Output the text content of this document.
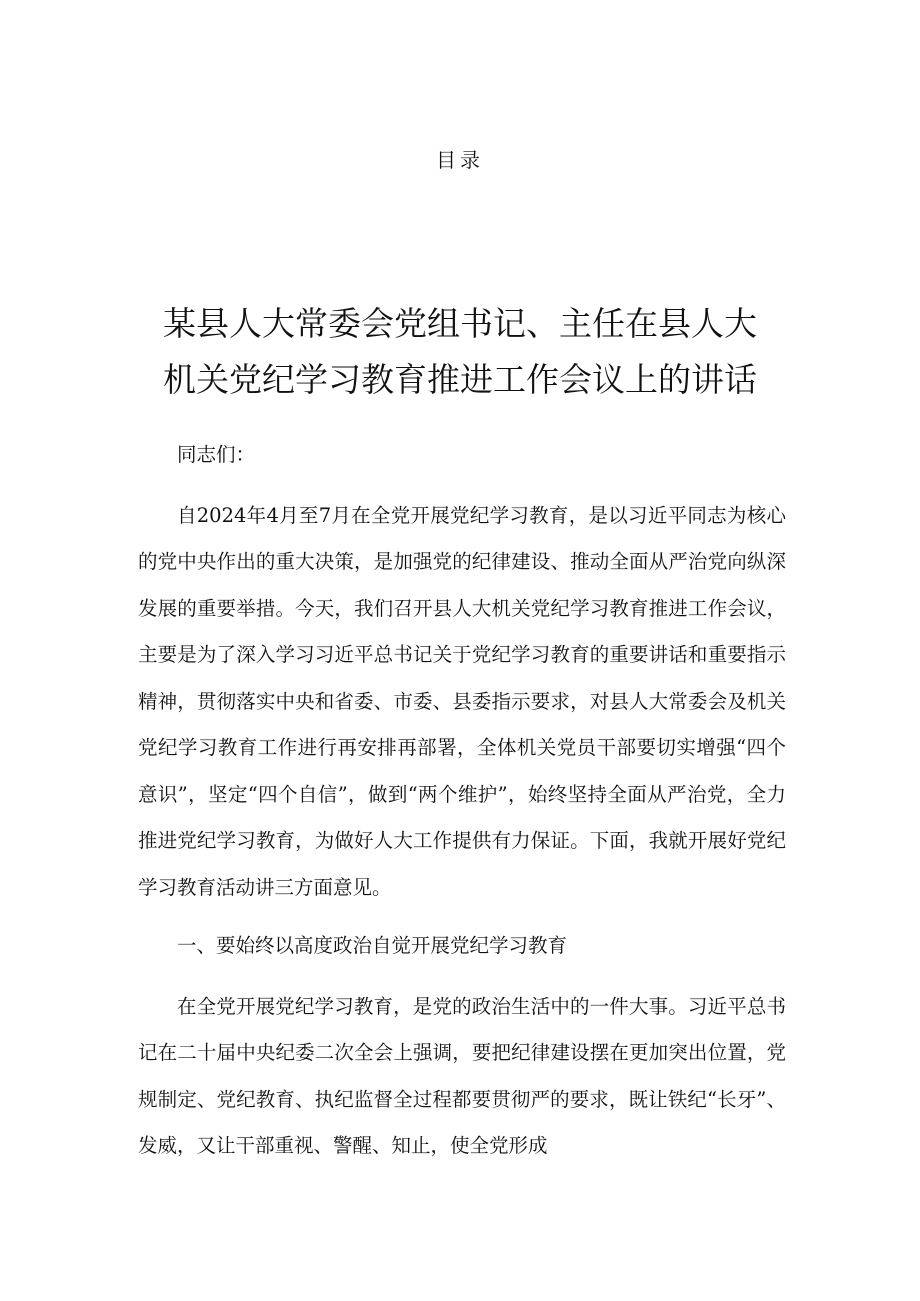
目录
某县人大常委会党组书记、主任在县人大
机关党纪学习教育推进工作会议上的讲话

同志们：

自2024年4月至7月在全党开展党纪学习教育，是以习近平同志为核心的党中央作出的重大决策，是加强党的纪律建设、推动全面从严治党向纵深发展的重要举措。今天，我们召开县人大机关党纪学习教育推进工作会议，主要是为了深入学习习近平总书记关于党纪学习教育的重要讲话和重要指示精神，贯彻落实中央和省委、市委、县委指示要求，对县人大常委会及机关党纪学习教育工作进行再安排再部署，全体机关党员干部要切实增强“四个意识”，坚定“四个自信”，做到“两个维护”，始终坚持全面从严治党，全力推进党纪学习教育，为做好人大工作提供有力保证。下面，我就开展好党纪学习教育活动讲三方面意见。

一、要始终以高度政治自觉开展党纪学习教育

在全党开展党纪学习教育，是党的政治生活中的一件大事。习近平总书记在二十届中央纪委二次全会上强调，要把纪律建设摆在更加突出位置，党规制定、党纪教育、执纪监督全过程都要贯彻严的要求，既让铁纪“长牙”、发威，又让干部重视、警醒、知止，使全党形成
